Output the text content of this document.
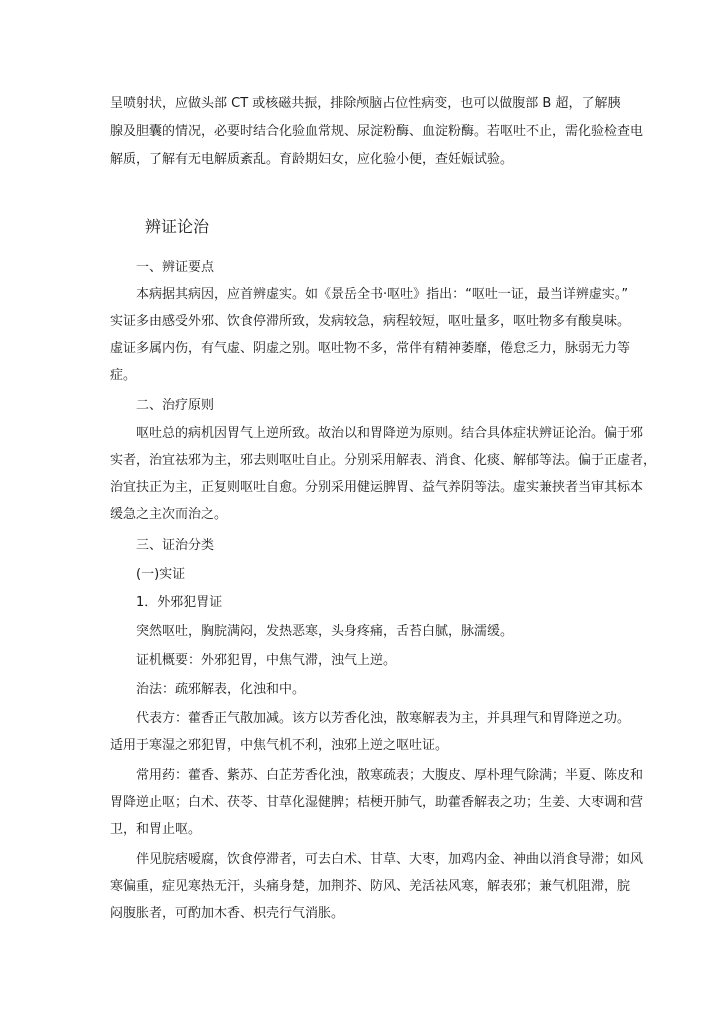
呈喷射状，应做头部 CT 或核磁共振，排除颅脑占位性病变，也可以做腹部 B 超，了解胰
腺及胆囊的情况，必要时结合化验血常规、尿淀粉酶、血淀粉酶。若呕吐不止，需化验检查电
解质，了解有无电解质紊乱。育龄期妇女，应化验小便，查妊娠试验。
辨证论治
一、辨证要点
本病据其病因，应首辨虚实。如《景岳全书·呕吐》指出：“呕吐一证，最当详辨虚实。”
实证多由感受外邪、饮食停滞所致，发病较急，病程较短，呕吐量多，呕吐物多有酸臭味。
虚证多属内伤，有气虚、阴虚之别。呕吐物不多，常伴有精神萎靡，倦怠乏力，脉弱无力等
症。
二、治疗原则
呕吐总的病机因胃气上逆所致。故治以和胃降逆为原则。结合具体症状辨证论治。偏于邪
实者，治宜祛邪为主，邪去则呕吐自止。分别采用解表、消食、化痰、解郁等法。偏于正虚者，
治宜扶正为主，正复则呕吐自愈。分别采用健运脾胃、益气养阴等法。虚实兼挟者当审其标本
缓急之主次而治之。
三、证治分类
(一)实证
1．外邪犯胃证
突然呕吐，胸脘满闷，发热恶寒，头身疼痛，舌苔白腻，脉濡缓。
证机概要：外邪犯胃，中焦气滞，浊气上逆。
治法：疏邪解表，化浊和中。
代表方：藿香正气散加减。该方以芳香化浊，散寒解表为主，并具理气和胃降逆之功。
适用于寒湿之邪犯胃，中焦气机不利，浊邪上逆之呕吐证。
常用药：藿香、紫苏、白芷芳香化浊，散寒疏表；大腹皮、厚朴理气除满；半夏、陈皮和
胃降逆止呕；白术、茯苓、甘草化湿健脾；桔梗开肺气，助藿香解表之功；生姜、大枣调和营
卫，和胃止呕。
伴见脘痞嗳腐，饮食停滞者，可去白术、甘草、大枣，加鸡内金、神曲以消食导滞；如风
寒偏重，症见寒热无汗，头痛身楚，加荆芥、防风、羌活祛风寒，解表邪；兼气机阻滞，脘
闷腹胀者，可酌加木香、枳壳行气消胀。
